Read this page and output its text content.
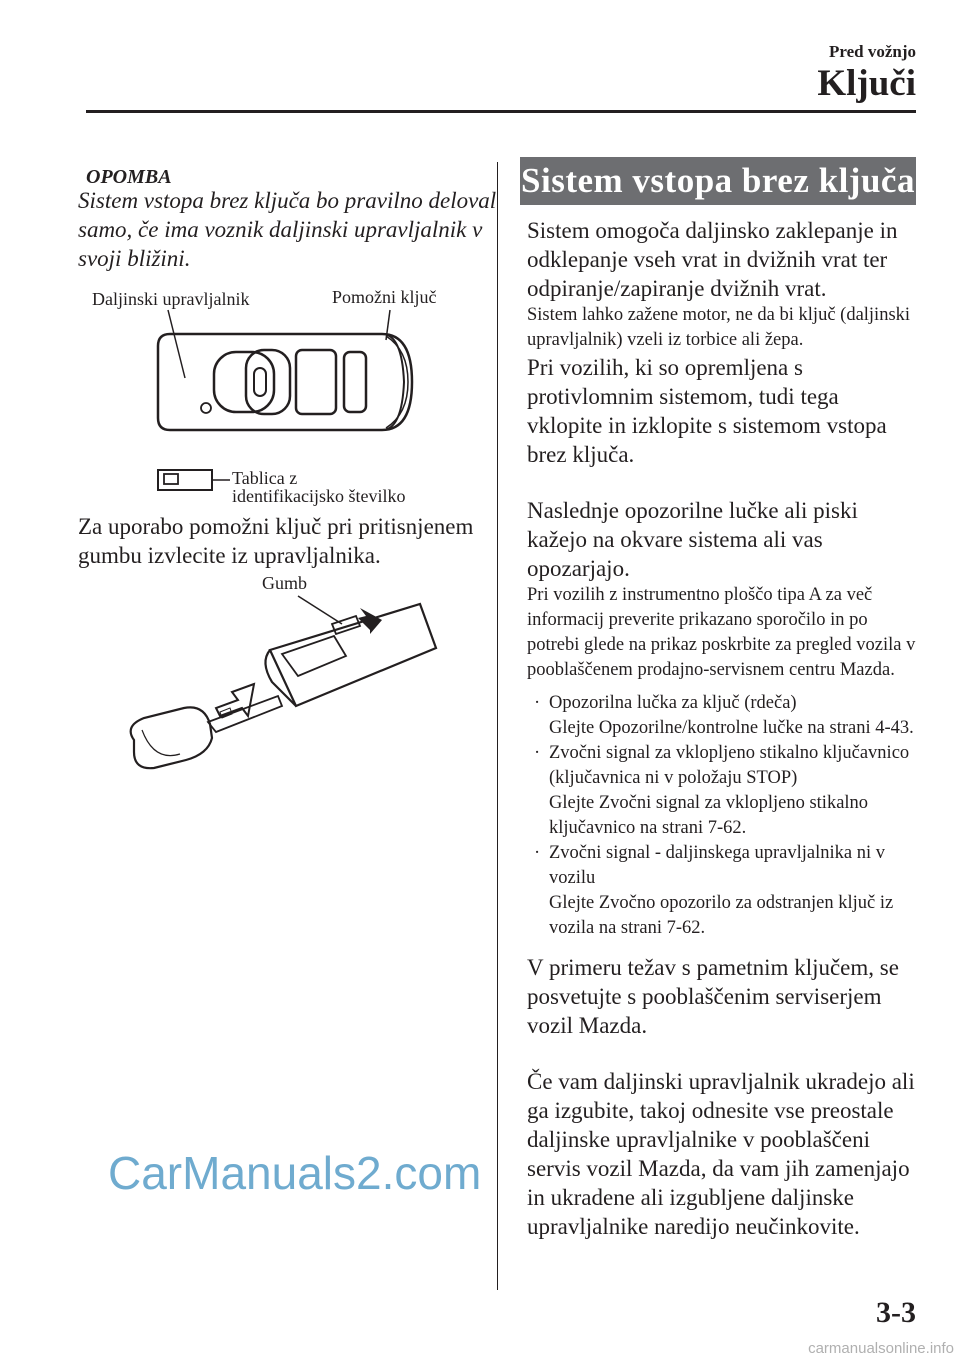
Pred vožnjo
Ključi
OPOMBA
Sistem vstopa brez ključa bo pravilno deloval samo, če ima voznik daljinski upravljalnik v svoji bližini.
Daljinski upravljalnik	Pomožni ključ
Tablica z
identifikacijsko številko
Za uporabo pomožni ključ pri pritisnjenem gumbu izvlecite iz upravljalnika.
Gumb
Sistem vstopa brez ključa

Sistem omogoča daljinsko zaklepanje in odklepanje vseh vrat in dvižnih vrat ter odpiranje/zapiranje dvižnih vrat.

Sistem lahko zažene motor, ne da bi ključ (daljinski upravljalnik) vzeli iz torbice ali žepa.

Pri vozilih, ki so opremljena s protivlomnim sistemom, tudi tega vklopite in izklopite s sistemom vstopa brez ključa.

Naslednje opozorilne lučke ali piski kažejo na okvare sistema ali vas opozarjajo.

Pri vozilih z instrumentno ploščo tipa A za več informacij preverite prikazano sporočilo in po potrebi glede na prikaz poskrbite za pregled vozila v pooblaščenem prodajno-servisnem centru Mazda.

· Opozorilna lučka za ključ (rdeča)

Glejte Opozorilne/kontrolne lučke na strani 4-43.

· Zvočni signal za vklopljeno stikalno ključavnico (ključavnica ni v položaju STOP)

Glejte Zvočni signal za vklopljeno stikalno ključavnico na strani 7-62.

· Zvočni signal - daljinskega upravljalnika ni v vozilu

Glejte Zvočno opozorilo za odstranjen ključ iz vozila na strani 7-62.

V primeru težav s pametnim ključem, se posvetujte s pooblaščenim serviserjem vozil Mazda.

Če vam daljinski upravljalnik ukradejo ali ga izgubite, takoj odnesite vse preostale daljinske upravljalnike v pooblaščeni servis vozil Mazda, da vam jih zamenjajo in ukradene ali izgubljene daljinske upravljalnike naredijo neučinkovite.

3-3
CarManuals2.com
carmanualsonline.info
